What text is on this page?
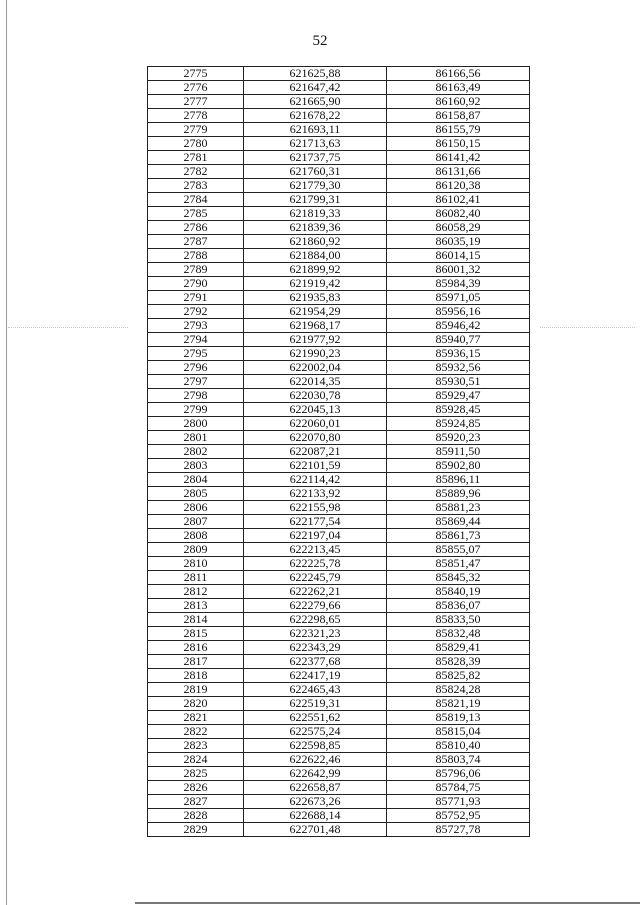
52
2775	621625,88	86166,56
2776	621647,42	86163,49
2777	621665,90	86160,92
2778	621678,22	86158,87
2779	621693,11	86155,79
2780	621713,63	86150,15
2781	621737,75	86141,42
2782	621760,31	86131,66
2783	621779,30	86120,38
2784	621799,31	86102,41
2785	621819,33	86082,40
2786	621839,36	86058,29
2787	621860,92	86035,19
2788	621884,00	86014,15
2789	621899,92	86001,32
2790	621919,42	85984,39
2791	621935,83	85971,05
2792	621954,29	85956,16
2793	621968,17	85946,42
2794	621977,92	85940,77
2795	621990,23	85936,15
2796	622002,04	85932,56
2797	622014,35	85930,51
2798	622030,78	85929,47
2799	622045,13	85928,45
2800	622060,01	85924,85
2801	622070,80	85920,23
2802	622087,21	85911,50
2803	622101,59	85902,80
2804	622114,42	85896,11
2805	622133,92	85889,96
2806	622155,98	85881,23
2807	622177,54	85869,44
2808	622197,04	85861,73
2809	622213,45	85855,07
2810	622225,78	85851,47
2811	622245,79	85845,32
2812	622262,21	85840,19
2813	622279,66	85836,07
2814	622298,65	85833,50
2815	622321,23	85832,48
2816	622343,29	85829,41
2817	622377,68	85828,39
2818	622417,19	85825,82
2819	622465,43	85824,28
2820	622519,31	85821,19
2821	622551,62	85819,13
2822	622575,24	85815,04
2823	622598,85	85810,40
2824	622622,46	85803,74
2825	622642,99	85796,06
2826	622658,87	85784,75
2827	622673,26	85771,93
2828	622688,14	85752,95
2829	622701,48	85727,78
